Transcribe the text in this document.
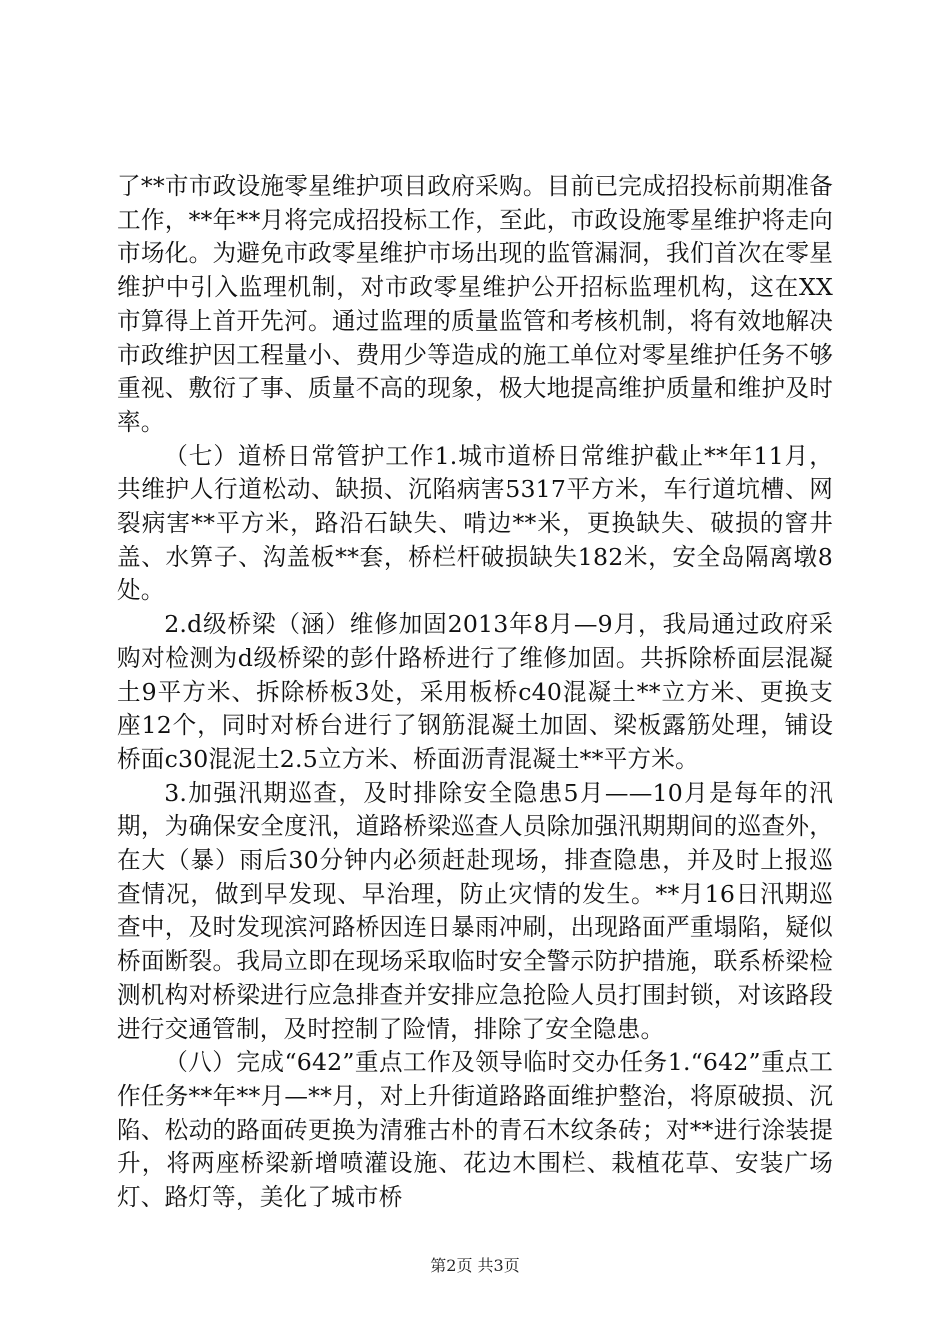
了**市市政设施零星维护项目政府采购。目前已完成招投标前期准备工作，**年**月将完成招投标工作，至此，市政设施零星维护将走向市场化。为避免市政零星维护市场出现的监管漏洞，我们首次在零星维护中引入监理机制，对市政零星维护公开招标监理机构，这在XX市算得上首开先河。通过监理的质量监管和考核机制，将有效地解决市政维护因工程量小、费用少等造成的施工单位对零星维护任务不够重视、敷衍了事、质量不高的现象，极大地提高维护质量和维护及时率。

（七）道桥日常管护工作1.城市道桥日常维护截止**年11月，共维护人行道松动、缺损、沉陷病害5317平方米，车行道坑槽、网裂病害**平方米，路沿石缺失、啃边**米，更换缺失、破损的窨井盖、水箅子、沟盖板**套，桥栏杆破损缺失182米，安全岛隔离墩8处。

2.d级桥梁（涵）维修加固2013年8月—9月，我局通过政府采购对检测为d级桥梁的彭什路桥进行了维修加固。共拆除桥面层混凝土9平方米、拆除桥板3处，采用板桥c40混凝土**立方米、更换支座12个，同时对桥台进行了钢筋混凝土加固、梁板露筋处理，铺设桥面c30混泥土2.5立方米、桥面沥青混凝土**平方米。

3.加强汛期巡查，及时排除安全隐患5月——10月是每年的汛期，为确保安全度汛，道路桥梁巡查人员除加强汛期期间的巡查外，在大（暴）雨后30分钟内必须赶赴现场，排查隐患，并及时上报巡查情况，做到早发现、早治理，防止灾情的发生。**月16日汛期巡查中，及时发现滨河路桥因连日暴雨冲刷，出现路面严重塌陷，疑似桥面断裂。我局立即在现场采取临时安全警示防护措施，联系桥梁检测机构对桥梁进行应急排查并安排应急抢险人员打围封锁，对该路段进行交通管制，及时控制了险情，排除了安全隐患。

（八）完成“642”重点工作及领导临时交办任务1.“642”重点工作任务**年**月—**月，对上升街道路路面维护整治，将原破损、沉陷、松动的路面砖更换为清雅古朴的青石木纹条砖；对**进行涂装提升，将两座桥梁新增喷灌设施、花边木围栏、栽植花草、安装广场灯、路灯等，美化了城市桥

第2页 共3页
